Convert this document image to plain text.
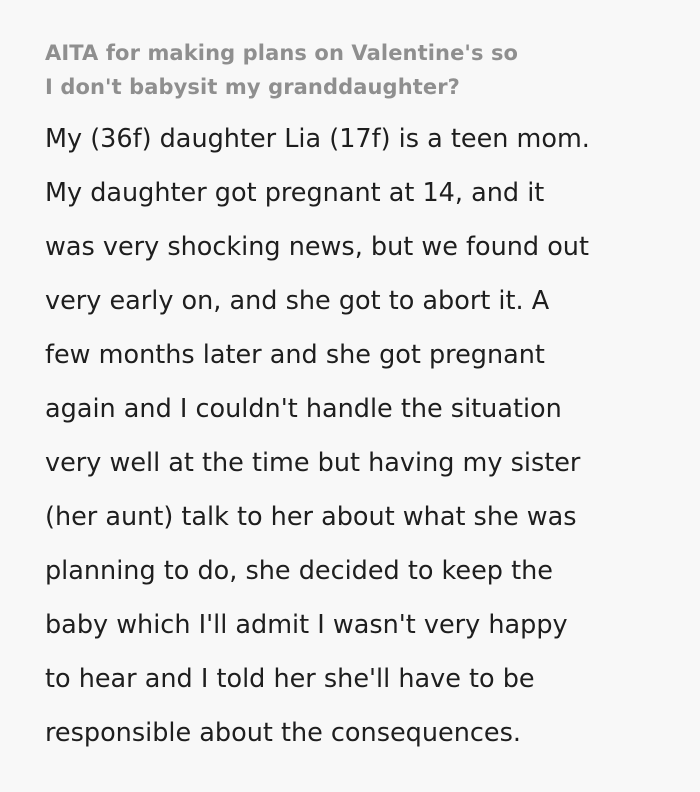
AITA for making plans on Valentine's so
I don't babysit my granddaughter?
My (36f) daughter Lia (17f) is a teen mom.
My daughter got pregnant at 14, and it
was very shocking news, but we found out
very early on, and she got to abort it. A
few months later and she got pregnant
again and I couldn't handle the situation
very well at the time but having my sister
(her aunt) talk to her about what she was
planning to do, she decided to keep the
baby which I'll admit I wasn't very happy
to hear and I told her she'll have to be
responsible about the consequences.
